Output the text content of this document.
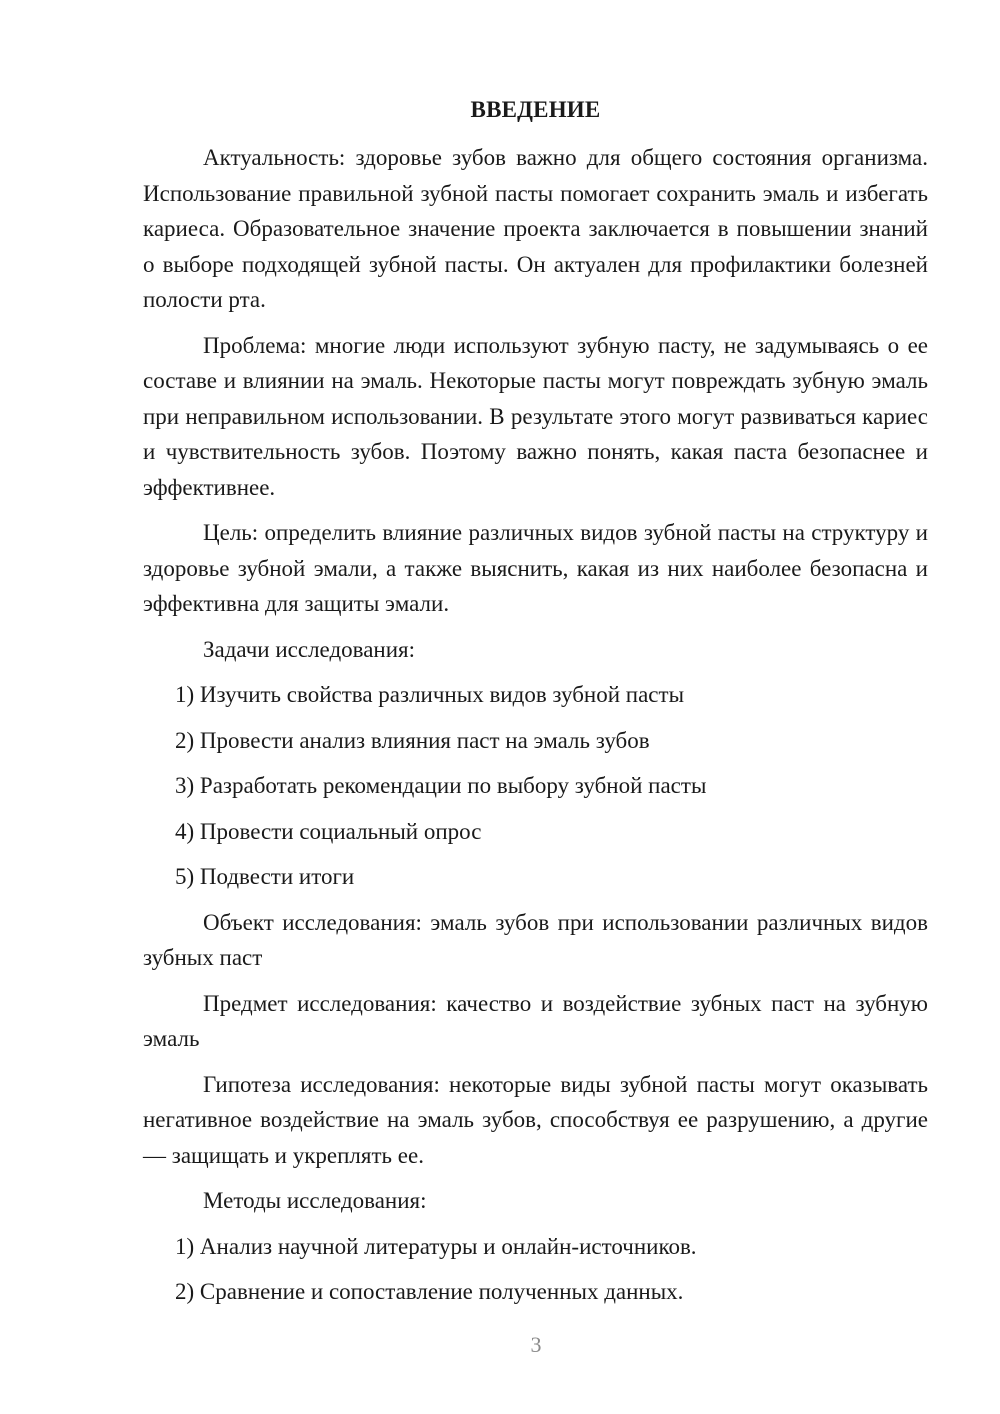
ВВЕДЕНИЕ

Актуальность: здоровье зубов важно для общего состояния организма. Использование правильной зубной пасты помогает сохранить эмаль и избегать кариеса. Образовательное значение проекта заключается в повышении знаний о выборе подходящей зубной пасты. Он актуален для профилактики болезней полости рта.

Проблема: многие люди используют зубную пасту, не задумываясь о ее составе и влиянии на эмаль. Некоторые пасты могут повреждать зубную эмаль при неправильном использовании. В результате этого могут развиваться кариес и чувствительность зубов. Поэтому важно понять, какая паста безопаснее и эффективнее.

Цель: определить влияние различных видов зубной пасты на структуру и здоровье зубной эмали, а также выяснить, какая из них наиболее безопасна и эффективна для защиты эмали.

Задачи исследования:

1) Изучить свойства различных видов зубной пасты
2) Провести анализ влияния паст на эмаль зубов
3) Разработать рекомендации по выбору зубной пасты
4) Провести социальный опрос
5) Подвести итоги

Объект исследования: эмаль зубов при использовании различных видов зубных паст

Предмет исследования: качество и воздействие зубных паст на зубную эмаль

Гипотеза исследования: некоторые виды зубной пасты могут оказывать негативное воздействие на эмаль зубов, способствуя ее разрушению, а другие — защищать и укреплять ее.

Методы исследования:

1) Анализ научной литературы и онлайн-источников.
2) Сравнение и сопоставление полученных данных.
3
